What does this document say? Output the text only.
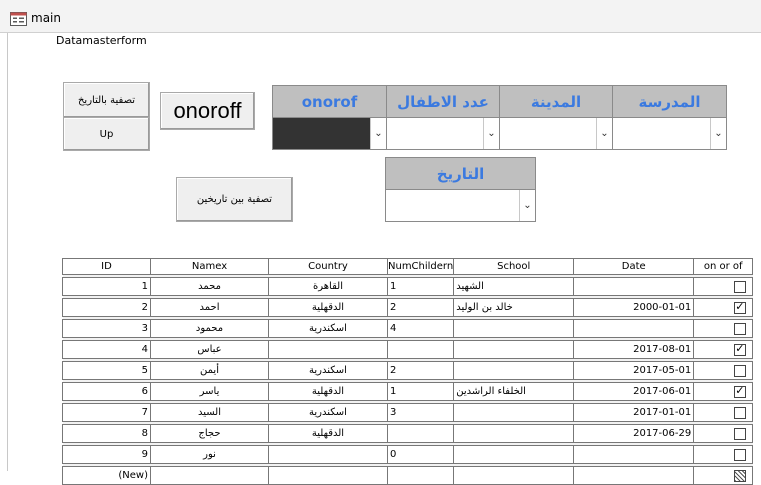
main
Datamasterform
تصفية بالتاريخ
Up
onoroff
تصفية بين تاريخين
onorof	عدد الاطفال	المدينة	المدرسة
⌄	⌄	⌄	⌄
التاريخ
⌄
ID	Namex	Country	NumChildern	School	Date	on or of

1	محمد	القاهرة	1	الشهيد		

2	احمد	الدقهلية	2	خالد بن الوليد	2000-01-01	✓

3	محمود	اسكندرية	4			

4	عباس				2017-08-01	✓

5	أيمن	اسكندرية	2		2017-05-01	

6	ياسر	الدقهلية	1	الخلفاء الراشدين	2017-06-01	✓

7	السيد	اسكندرية	3		2017-01-01	

8	حجاج	الدقهلية			2017-06-29	

9	نور		0			

(New)						
